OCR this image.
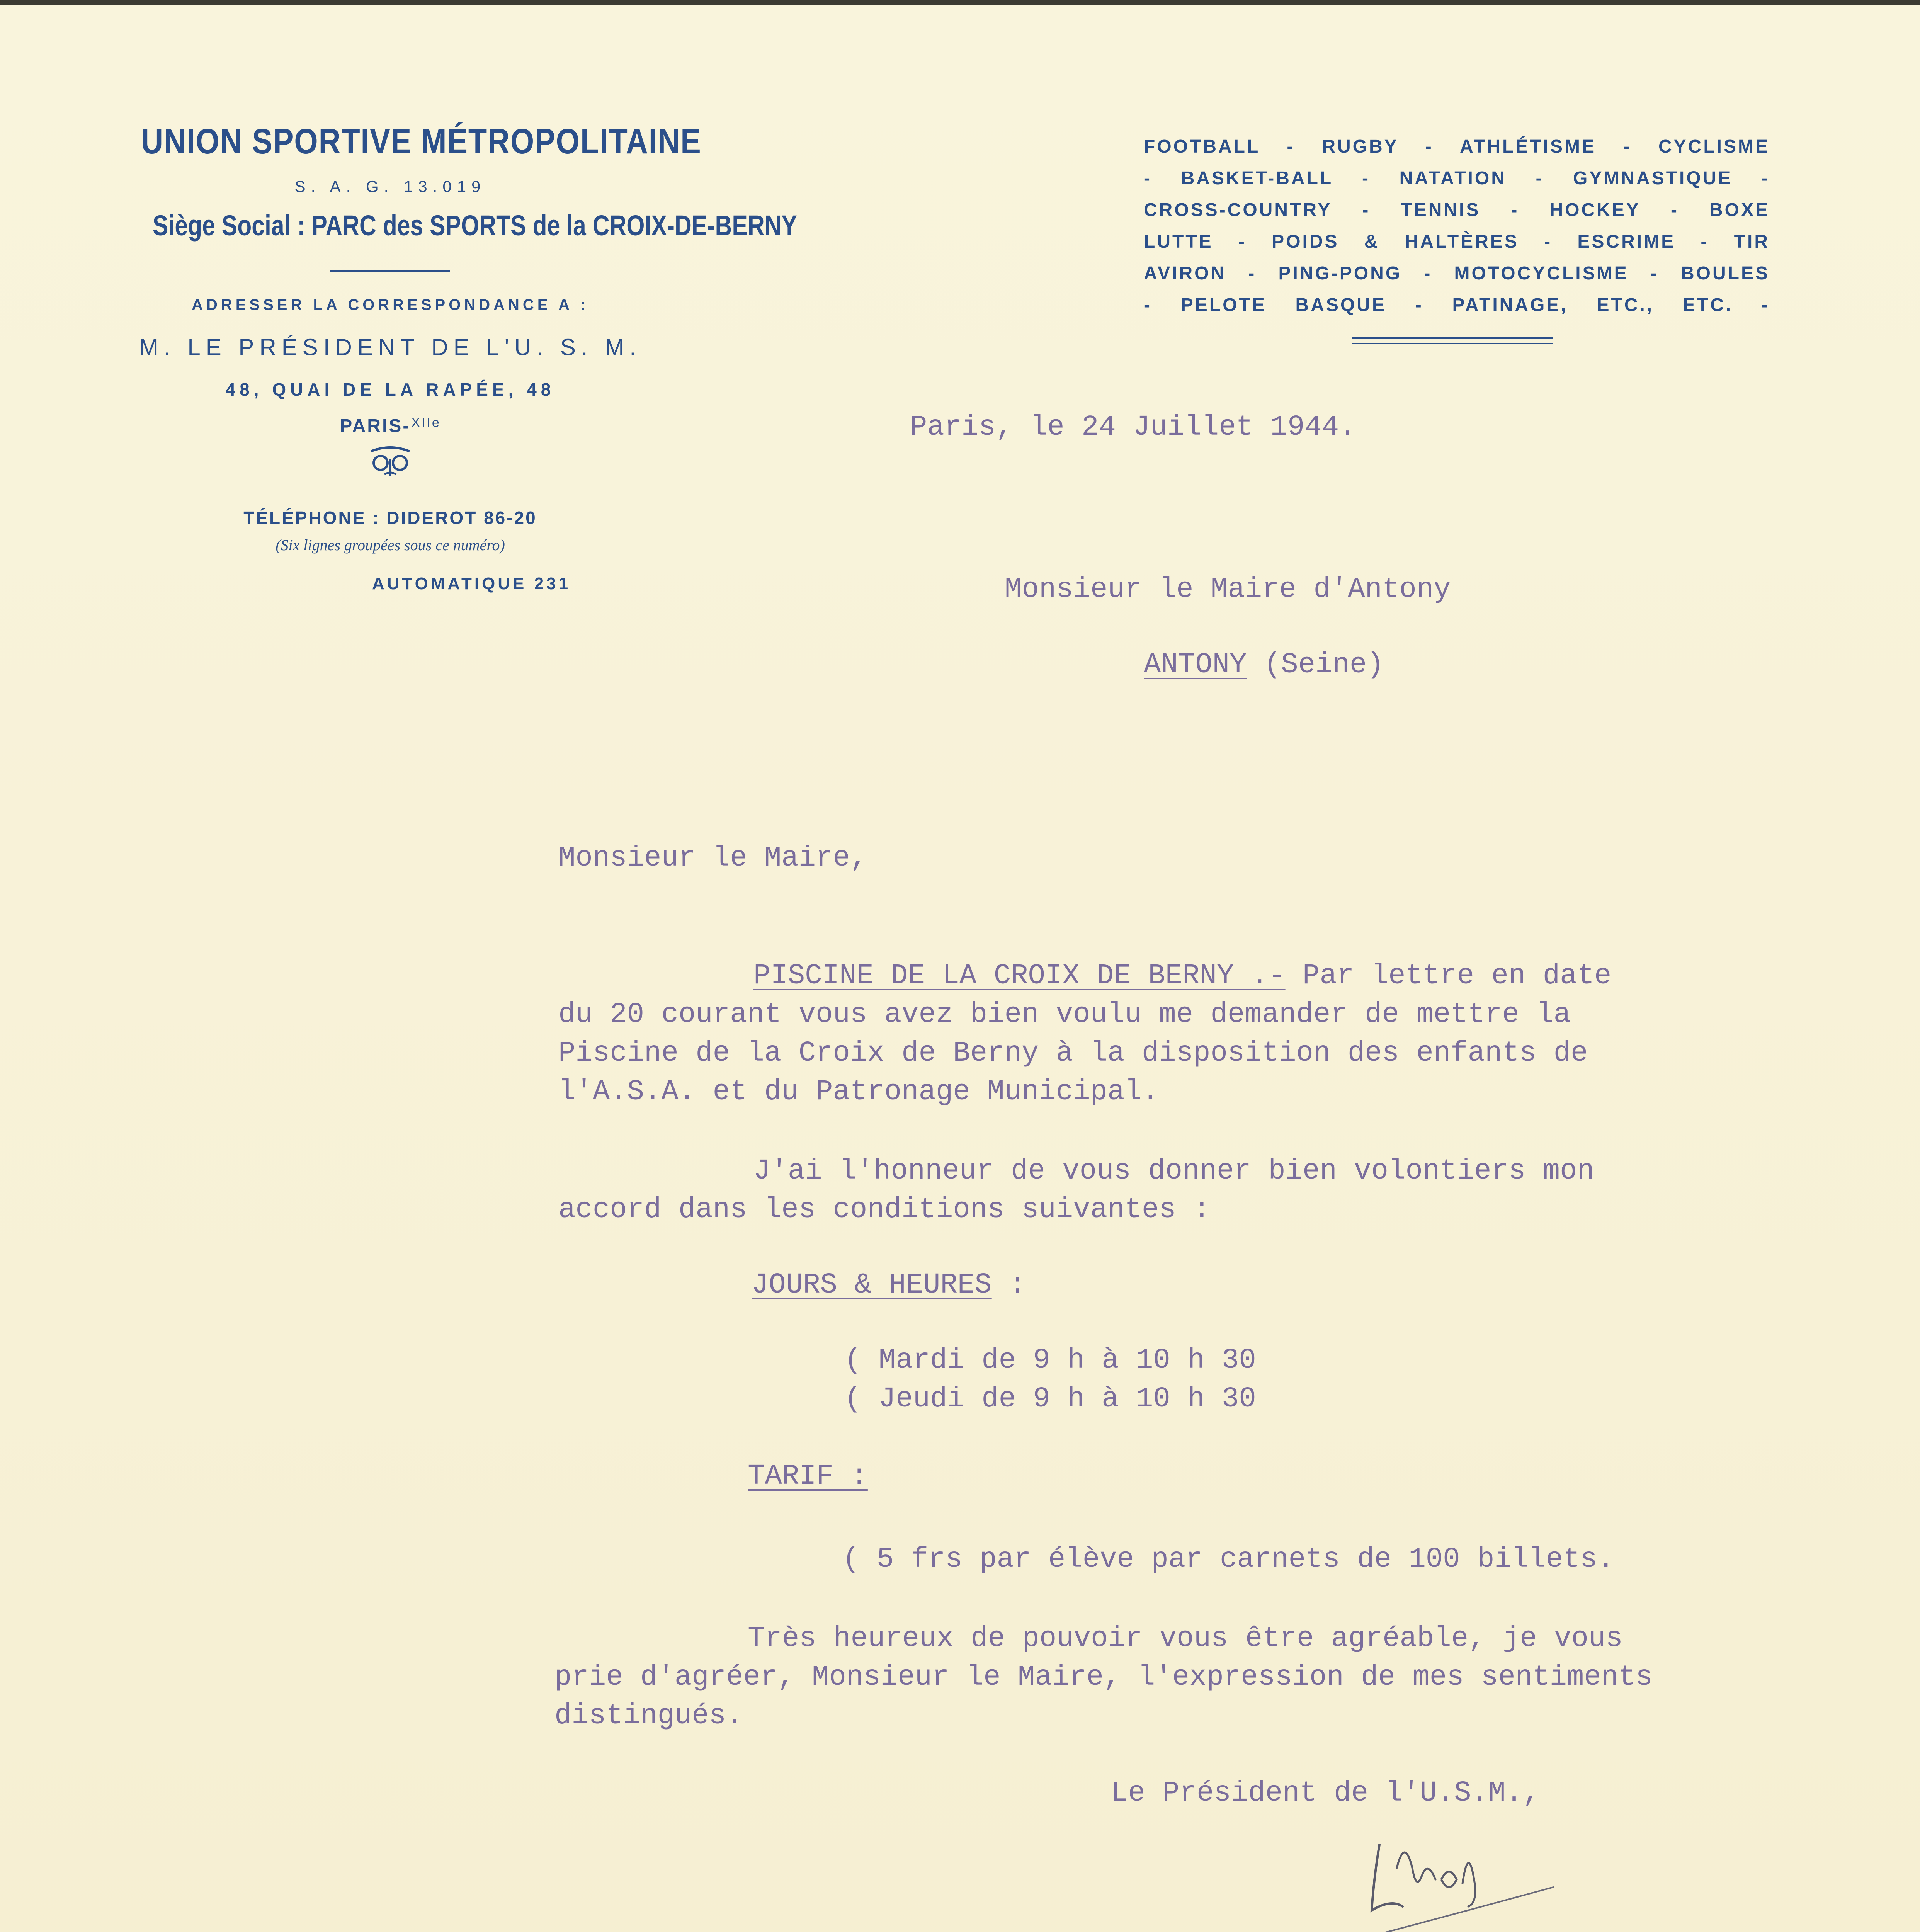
UNION SPORTIVE MÉTROPOLITAINE
S. A. G. 13.019
Siège Social : PARC des SPORTS de la CROIX-DE-BERNY
ADRESSER LA CORRESPONDANCE A :
M. LE PRÉSIDENT DE L'U. S. M.
48, QUAI DE LA RAPÉE, 48
PARIS-$^{XIIe}$
TÉLÉPHONE : DIDEROT 86-20
(Six lignes groupées sous ce numéro)
AUTOMATIQUE 231
FOOTBALL - RUGBY - ATHLÉTISME - CYCLISME
- BASKET-BALL - NATATION - GYMNASTIQUE -
CROSS-COUNTRY - TENNIS - HOCKEY - BOXE
LUTTE - POIDS & HALTÈRES - ESCRIME - TIR
AVIRON - PING-PONG - MOTOCYCLISME - BOULES
- PELOTE BASQUE - PATINAGE, ETC., ETC. -
Paris, le 24 Juillet 1944.
Monsieur le Maire d'Antony
ANTONY (Seine)
Monsieur le Maire,
PISCINE DE LA CROIX DE BERNY .- Par lettre en date
du 20 courant vous avez bien voulu me demander de mettre la
Piscine de la Croix de Berny à la disposition des enfants de
l'A.S.A. et du Patronage Municipal.
J'ai l'honneur de vous donner bien volontiers mon
accord dans les conditions suivantes :
JOURS & HEURES :
( Mardi de 9 h à 10 h 30
( Jeudi de 9 h à 10 h 30
TARIF :
( 5 frs par élève par carnets de 100 billets.
Très heureux de pouvoir vous être agréable, je vous
prie d'agréer, Monsieur le Maire, l'expression de mes sentiments
distingués.
Le Président de l'U.S.M.,
